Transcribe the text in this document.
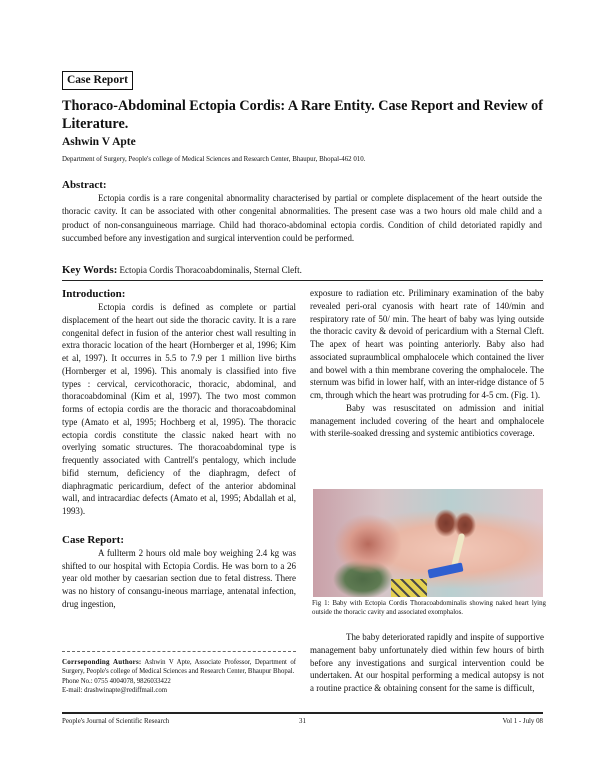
Case Report
Thoraco-Abdominal Ectopia Cordis: A Rare Entity. Case Report and Review of Literature.
Ashwin V Apte
Department of Surgery, People's college of Medical Sciences and Research Center, Bhaupur, Bhopal-462 010.
Abstract:

Ectopia cordis is a rare congenital abnormality characterised by partial or complete displacement of the heart outside the thoracic cavity. It can be associated with other congenital abnormalities. The present case was a two hours old male child and a product of non-consanguineous marriage. Child had thoraco-abdominal ectopia cordis. Condition of child detoriated rapidly and succumbed before any investigation and surgical intervention could be performed.

Key Words: Ectopia Cordis Thoracoabdominalis, Sternal Cleft.
Introduction:

Ectopia cordis is defined as complete or partial displacement of the heart out side the thoracic cavity. It is a rare congenital defect in fusion of the anterior chest wall resulting in extra thoracic location of the heart (Hornberger et al, 1996; Kim et al, 1997). It occurres in 5.5 to 7.9 per 1 million live births (Hornberger et al, 1996). This anomaly is classified into five types : cervical, cervicothoracic, thoracic, abdominal, and thoracoabdominal (Kim et al, 1997). The two most common forms of ectopia cordis are the thoracic and thoracoabdominal type (Amato et al, 1995; Hochberg et al, 1995). The thoracic ectopia cordis constitute the classic naked heart with no overlying somatic structures. The thoracoabdominal type is frequently associated with Cantrell's pentalogy, which include bifid sternum, deficiency of the diaphragm, defect of diaphragmatic pericardium, defect of the anterior abdominal wall, and intracardiac defects (Amato et al, 1995; Abdallah et al, 1993).

Case Report:

A fullterm 2 hours old male boy weighing 2.4 kg was shifted to our hospital with Ectopia Cordis. He was born to a 26 year old mother by caesarian section due to fetal distress. There was no history of consangu-ineous marriage, antenatal infection, drug ingestion,

Corrseponding Authors: Ashwin V Apte, Associate Professor, Department of Surgery, People's college of Medical Sciences and Research Center, Bhaupur Bhopal.
Phone No.: 0755 4004078, 9826033422
E-mail: drashwinapte@rediffmail.com

exposure to radiation etc. Priliminary examination of the baby revealed peri-oral cyanosis with heart rate of 140/min and respiratory rate of 50/ min. The heart of baby was lying outside the thoracic cavity & devoid of pericardium with a Sternal Cleft. The apex of heart was pointing anteriorly. Baby also had associated supraumblical omphalocele which contained the liver and bowel with a thin membrane covering the omphalocele. The sternum was bifid in lower half, with an inter-ridge distance of 5 cm, through which the heart was protruding for 4-5 cm. (Fig. 1).

Baby was resuscitated on admission and initial management included covering of the heart and omphalocele with sterile-soaked dressing and systemic antibiotics coverage.

Fig 1: Baby with Ectopia Cordis Thoracoabdominalis showing naked heart lying outside the thoracic cavity and associated exomphalos.

The baby deteriorated rapidly and inspite of supportive management baby unfortunately died within few hours of birth before any investigations and surgical intervention could be undertaken. At our hospital performing a medical autopsy is not a routine practice & obtaining consent for the same is difficult,

People's Journal of Scientific Research	31	Vol 1 - July 08
